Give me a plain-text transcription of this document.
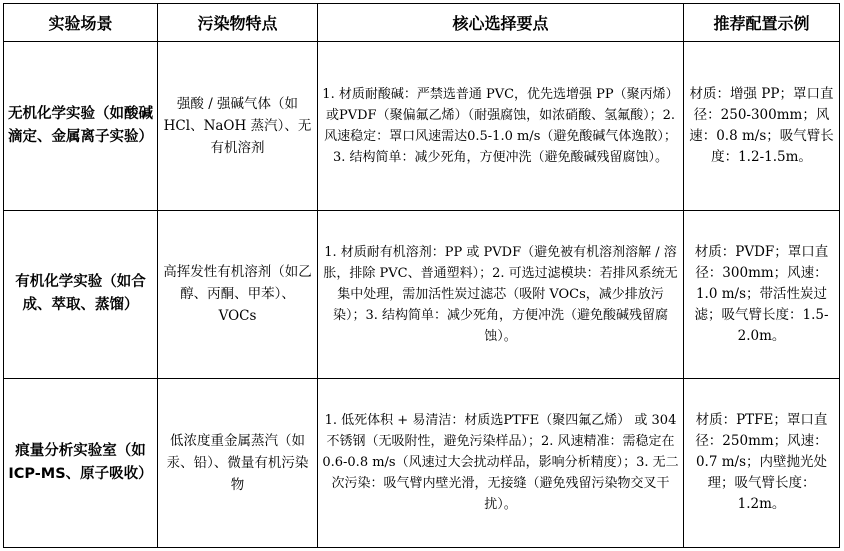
实验场景	污染物特点	核心选择要点	推荐配置示例
无机化学实验（如酸碱滴定、金属离子实验）	强酸 / 强碱气体（如 HCl、NaOH 蒸汽）、无有机溶剂	1. 材质耐酸碱：严禁选普通 PVC，优先选增强 PP（聚丙烯） 或PVDF（聚偏氟乙烯）（耐强腐蚀，如浓硝酸、氢氟酸）；2. 风速稳定：罩口风速需达0.5-1.0 m/s（避免酸碱气体逸散）；3. 结构简单：减少死角，方便冲洗（避免酸碱残留腐蚀）。	材质：增强 PP；罩口直径：250-300mm；风速：0.8 m/s；吸气臂长度：1.2-1.5m。
有机化学实验（如合成、萃取、蒸馏）	高挥发性有机溶剂（如乙醇、丙酮、甲苯）、VOCs	1. 材质耐有机溶剂：PP 或 PVDF（避免被有机溶剂溶解 / 溶胀，排除 PVC、普通塑料）；2. 可选过滤模块：若排风系统无集中处理，需加活性炭过滤芯（吸附 VOCs，减少排放污染）；3. 结构简单：减少死角，方便冲洗（避免酸碱残留腐蚀）。	材质：PVDF；罩口直径：300mm；风速：1.0 m/s；带活性炭过滤；吸气臂长度：1.5-2.0m。
痕量分析实验室（如 ICP-MS、原子吸收）	低浓度重金属蒸汽（如汞、铅）、微量有机污染物	1. 低死体积 + 易清洁：材质选PTFE（聚四氟乙烯） 或 304 不锈钢（无吸附性，避免污染样品）；2. 风速精准：需稳定在 0.6-0.8 m/s（风速过大会扰动样品，影响分析精度）；3. 无二次污染：吸气臂内壁光滑，无接缝（避免残留污染物交叉干扰）。	材质：PTFE；罩口直径：250mm；风速：0.7 m/s；内壁抛光处理；吸气臂长度：1.2m。
